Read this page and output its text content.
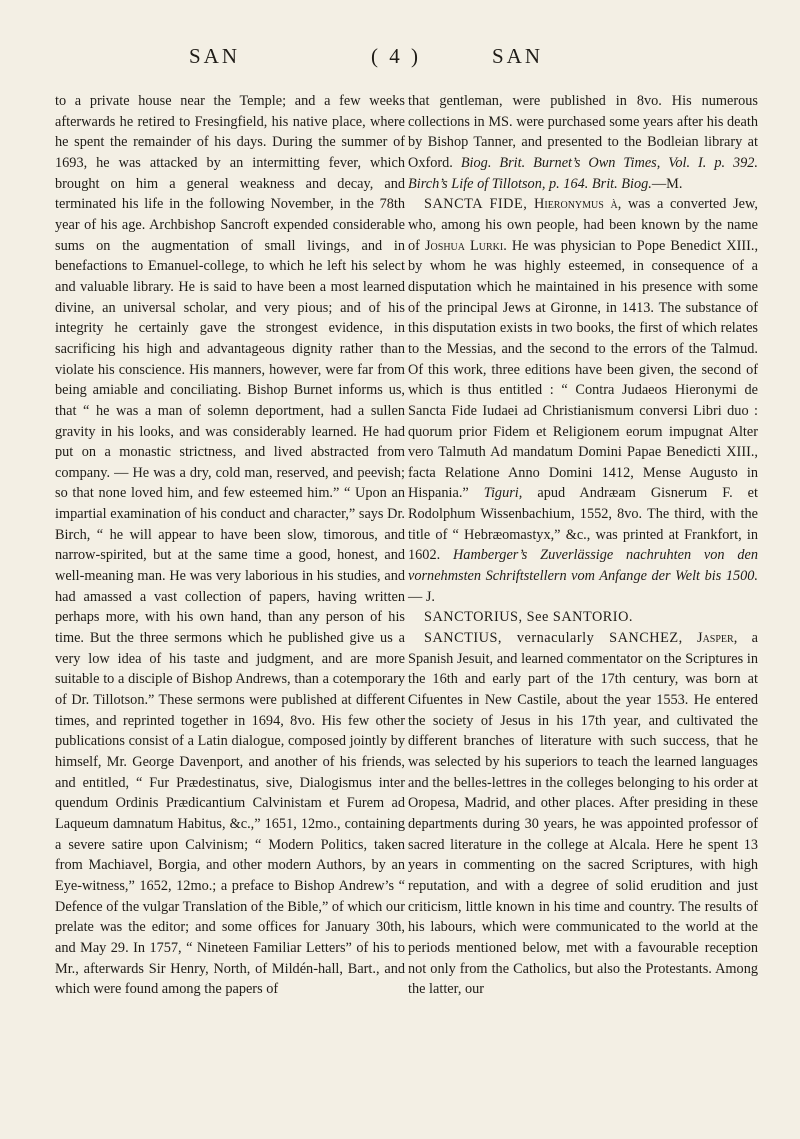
SAN	( 4 )	SAN

to a private house near the Temple; and a few weeks afterwards he retired to Fresingfield, his native place, where he spent the remainder of his days. During the summer of 1693, he was attacked by an intermitting fever, which brought on him a general weakness and decay, and terminated his life in the following November, in the 78th year of his age. Archbishop Sancroft expended considerable sums on the augmentation of small livings, and in benefactions to Emanuel-college, to which he left his select and valuable library. He is said to have been a most learned divine, an universal scholar, and very pious; and of his integrity he certainly gave the strongest evidence, in sacrificing his high and advantageous dignity rather than violate his conscience. His manners, however, were far from being amiable and conciliating. Bishop Burnet informs us, that “ he was a man of solemn deportment, had a sullen gravity in his looks, and was considerably learned. He had put on a monastic strictness, and lived abstracted from company. — He was a dry, cold man, reserved, and peevish; so that none loved him, and few esteemed him.” “ Upon an impartial examination of his conduct and character,” says Dr. Birch, “ he will appear to have been slow, timorous, and narrow-spirited, but at the same time a good, honest, and well-meaning man. He was very laborious in his studies, and had amassed a vast collection of papers, having written perhaps more, with his own hand, than any person of his time. But the three sermons which he published give us a very low idea of his taste and judgment, and are more suitable to a disciple of Bishop Andrews, than a cotemporary of Dr. Tillotson.” These sermons were published at different times, and reprinted together in 1694, 8vo. His few other publications consist of a Latin dialogue, composed jointly by himself, Mr. George Davenport, and another of his friends, and entitled, “ Fur Prædestinatus, sive, Dialogismus inter quendum Ordinis Prædicantium Calvinistam et Furem ad Laqueum damnatum Habitus, &c.,” 1651, 12mo., containing a severe satire upon Calvinism; “ Modern Politics, taken from Machiavel, Borgia, and other modern Authors, by an Eye-witness,” 1652, 12mo.; a preface to Bishop Andrew’s “ Defence of the vulgar Translation of the Bible,” of which our prelate was the editor; and some offices for January 30th, and May 29. In 1757, “ Nineteen Familiar Letters” of his to Mr., afterwards Sir Henry, North, of Mildén-hall, Bart., and which were found among the papers of

that gentleman, were published in 8vo. His numerous collections in MS. were purchased some years after his death by Bishop Tanner, and presented to the Bodleian library at Oxford. Biog. Brit. Burnet’s Own Times, Vol. I. p. 392. Birch’s Life of Tillotson, p. 164. Brit. Biog.—M.

SANCTA FIDE, Hieronymus à, was a converted Jew, who, among his own people, had been known by the name of Joshua Lurki. He was physician to Pope Benedict XIII., by whom he was highly esteemed, in consequence of a disputation which he maintained in his presence with some of the principal Jews at Gironne, in 1413. The substance of this disputation exists in two books, the first of which relates to the Messias, and the second to the errors of the Talmud. Of this work, three editions have been given, the second of which is thus entitled : “ Contra Judaeos Hieronymi de Sancta Fide Iudaei ad Christianismum conversi Libri duo : quorum prior Fidem et Religionem eorum impugnat Alter vero Talmuth Ad mandatum Domini Papae Benedicti XIII., facta Relatione Anno Domini 1412, Mense Augusto in Hispania.” Tiguri, apud Andræam Gisnerum F. et Rodolphum Wissenbachium, 1552, 8vo. The third, with the title of “ Hebræomastyx,” &c., was printed at Frankfort, in 1602. Hamberger’s Zuverlässige nachruhten von den vornehmsten Schriftstellern vom Anfange der Welt bis 1500.— J.

SANCTORIUS, See SANTORIO.

SANCTIUS, vernacularly SANCHEZ, Jasper, a Spanish Jesuit, and learned commentator on the Scriptures in the 16th and early part of the 17th century, was born at Cifuentes in New Castile, about the year 1553. He entered the society of Jesus in his 17th year, and cultivated the different branches of literature with such success, that he was selected by his superiors to teach the learned languages and the belles-lettres in the colleges belonging to his order at Oropesa, Madrid, and other places. After presiding in these departments during 30 years, he was appointed professor of sacred literature in the college at Alcala. Here he spent 13 years in commenting on the sacred Scriptures, with high reputation, and with a degree of solid erudition and just criticism, little known in his time and country. The results of his labours, which were communicated to the world at the periods mentioned below, met with a favourable reception not only from the Catholics, but also the Protestants. Among the latter, our
